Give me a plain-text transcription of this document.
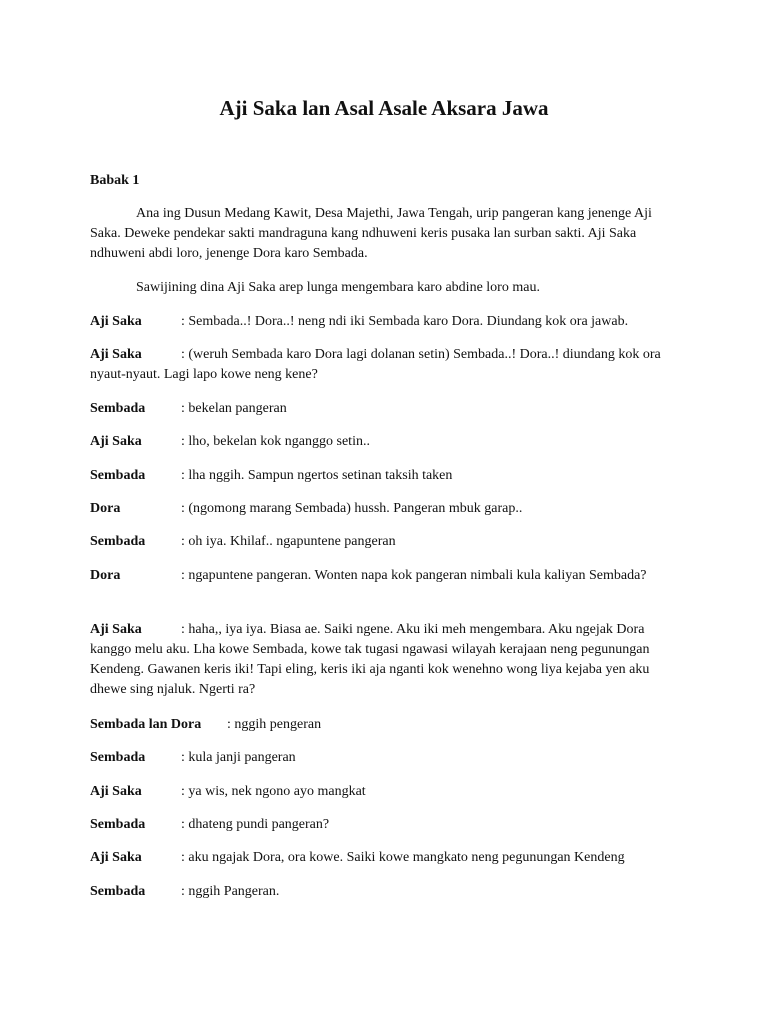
Aji Saka lan Asal Asale Aksara Jawa

Babak 1

Ana ing Dusun Medang Kawit, Desa Majethi, Jawa Tengah, urip pangeran kang jenenge Aji Saka. Deweke pendekar sakti mandraguna kang ndhuweni keris pusaka lan surban sakti. Aji Saka ndhuweni abdi loro, jenenge Dora karo Sembada.

Sawijining dina Aji Saka arep lunga mengembara karo abdine loro mau.

Aji Saka	: Sembada..! Dora..! neng ndi iki Sembada karo Dora. Diundang kok ora jawab.

Aji Saka	: (weruh Sembada karo Dora lagi dolanan setin) Sembada..! Dora..! diundang kok ora nyaut-nyaut. Lagi lapo kowe neng kene?

Sembada	: bekelan pangeran

Aji Saka	: lho, bekelan kok nganggo setin..

Sembada	: lha nggih. Sampun ngertos setinan taksih taken

Dora	: (ngomong marang Sembada) hussh. Pangeran mbuk garap..

Sembada	: oh iya. Khilaf.. ngapuntene pangeran

Dora	: ngapuntene pangeran. Wonten napa kok pangeran nimbali kula kaliyan Sembada?

Aji Saka	: haha,, iya iya. Biasa ae. Saiki ngene. Aku iki meh mengembara. Aku ngejak Dora kanggo melu aku. Lha kowe Sembada, kowe tak tugasi ngawasi wilayah kerajaan neng pegunungan Kendeng. Gawanen keris iki! Tapi eling, keris iki aja nganti kok wenehno wong liya kejaba yen aku dhewe sing njaluk. Ngerti ra?

Sembada lan Dora : nggih pengeran

Sembada	: kula janji pangeran

Aji Saka	: ya wis, nek ngono ayo mangkat

Sembada	: dhateng pundi pangeran?

Aji Saka	: aku ngajak Dora, ora kowe. Saiki kowe mangkato neng pegunungan Kendeng

Sembada	: nggih Pangeran.
